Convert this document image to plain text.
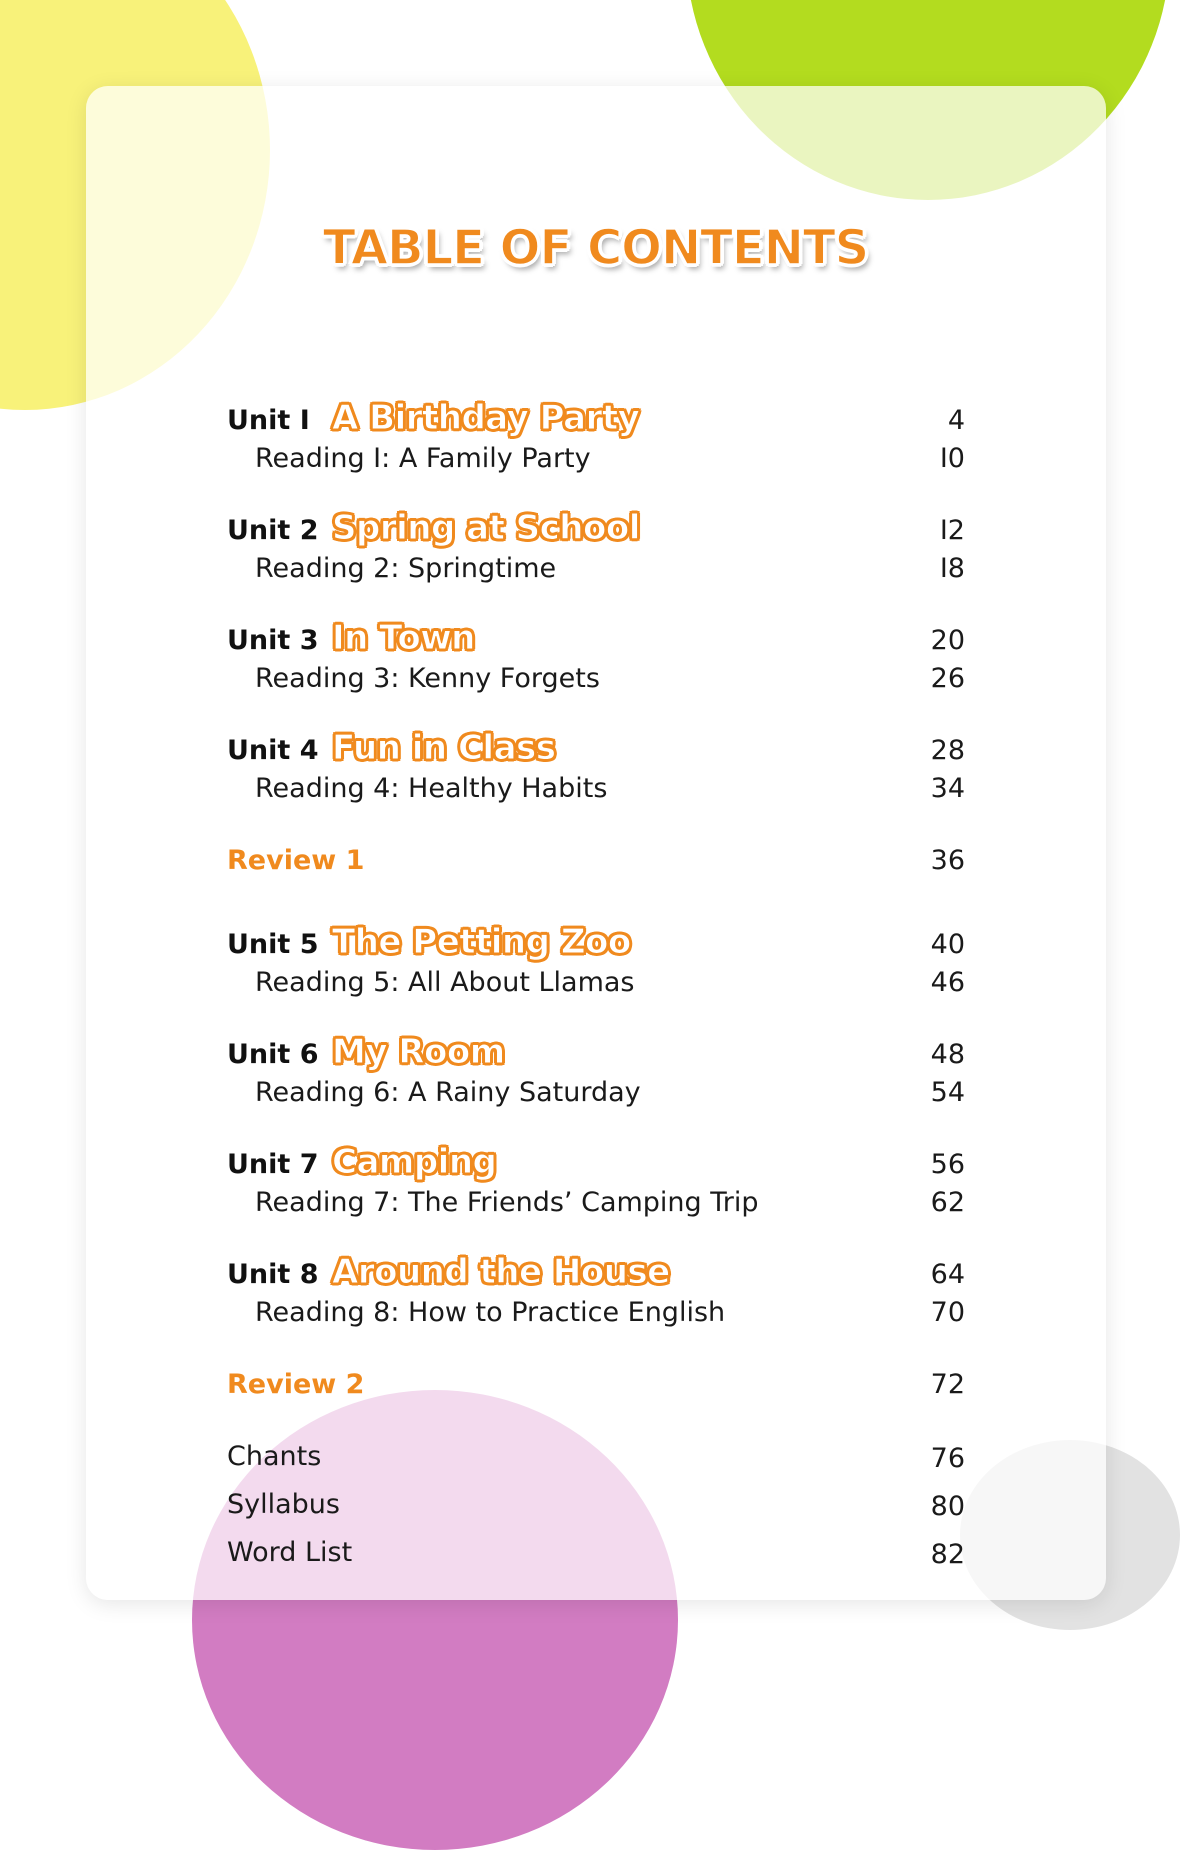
TABLE OF CONTENTS
Unit I A Birthday Party	4
Reading I: A Family Party	I0
Unit 2 Spring at School	I2
Reading 2: Springtime	I8
Unit 3 In Town	20
Reading 3: Kenny Forgets	26
Unit 4 Fun in Class	28
Reading 4: Healthy Habits	34
Review 1	36
Unit 5 The Petting Zoo	40
Reading 5: All About Llamas	46
Unit 6 My Room	48
Reading 6: A Rainy Saturday	54
Unit 7 Camping	56
Reading 7: The Friends’ Camping Trip	62
Unit 8 Around the House	64
Reading 8: How to Practice English	70
Review 2	72
Chants	76
Syllabus	80
Word List	82
